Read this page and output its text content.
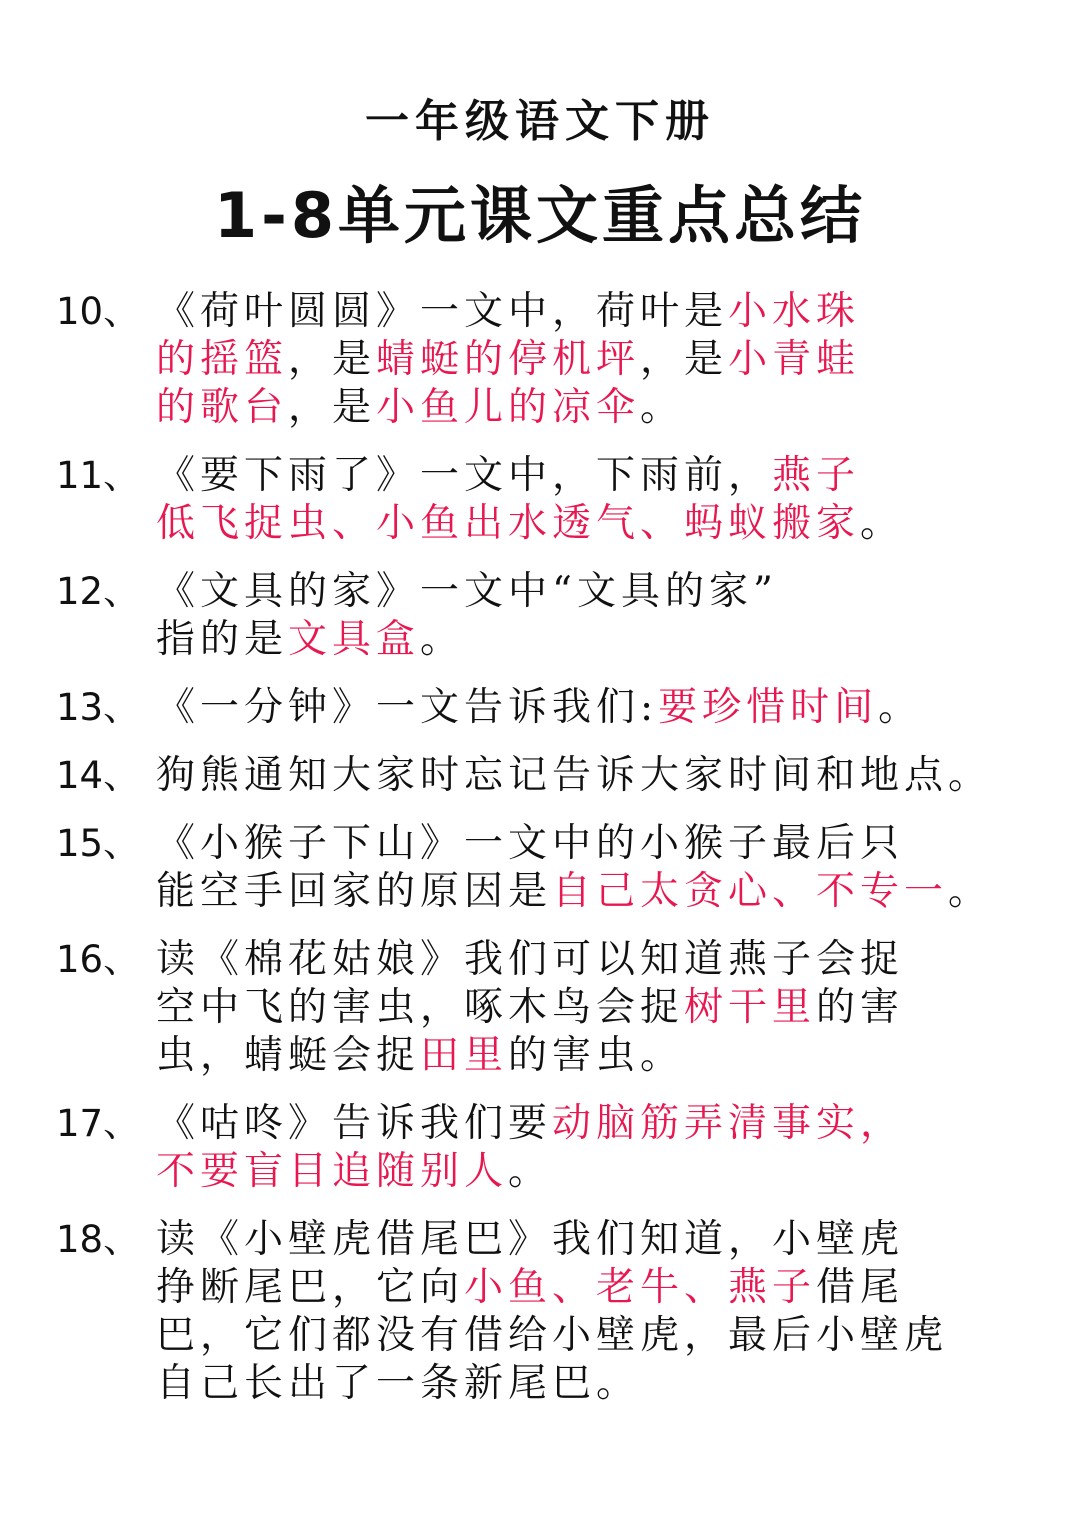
一年级语文下册
1-8单元课文重点总结
10、 《荷叶圆圆》一文中，荷叶是小水珠
的摇篮，是蜻蜓的停机坪，是小青蛙
的歌台，是小鱼儿的凉伞。
11、 《要下雨了》一文中，下雨前，燕子
低飞捉虫、小鱼出水透气、蚂蚁搬家。
12、 《文具的家》一文中“文具的家”
指的是文具盒。
13、 《一分钟》一文告诉我们:要珍惜时间。
14、 狗熊通知大家时忘记告诉大家时间和地点。
15、 《小猴子下山》一文中的小猴子最后只
能空手回家的原因是自己太贪心、不专一。
16、 读《棉花姑娘》我们可以知道燕子会捉
空中飞的害虫，啄木鸟会捉树干里的害
虫，蜻蜓会捉田里的害虫。
17、 《咕咚》告诉我们要动脑筋弄清事实，
不要盲目追随别人。
18、 读《小壁虎借尾巴》我们知道，小壁虎
挣断尾巴，它向小鱼、老牛、燕子借尾
巴，它们都没有借给小壁虎，最后小壁虎
自己长出了一条新尾巴。
